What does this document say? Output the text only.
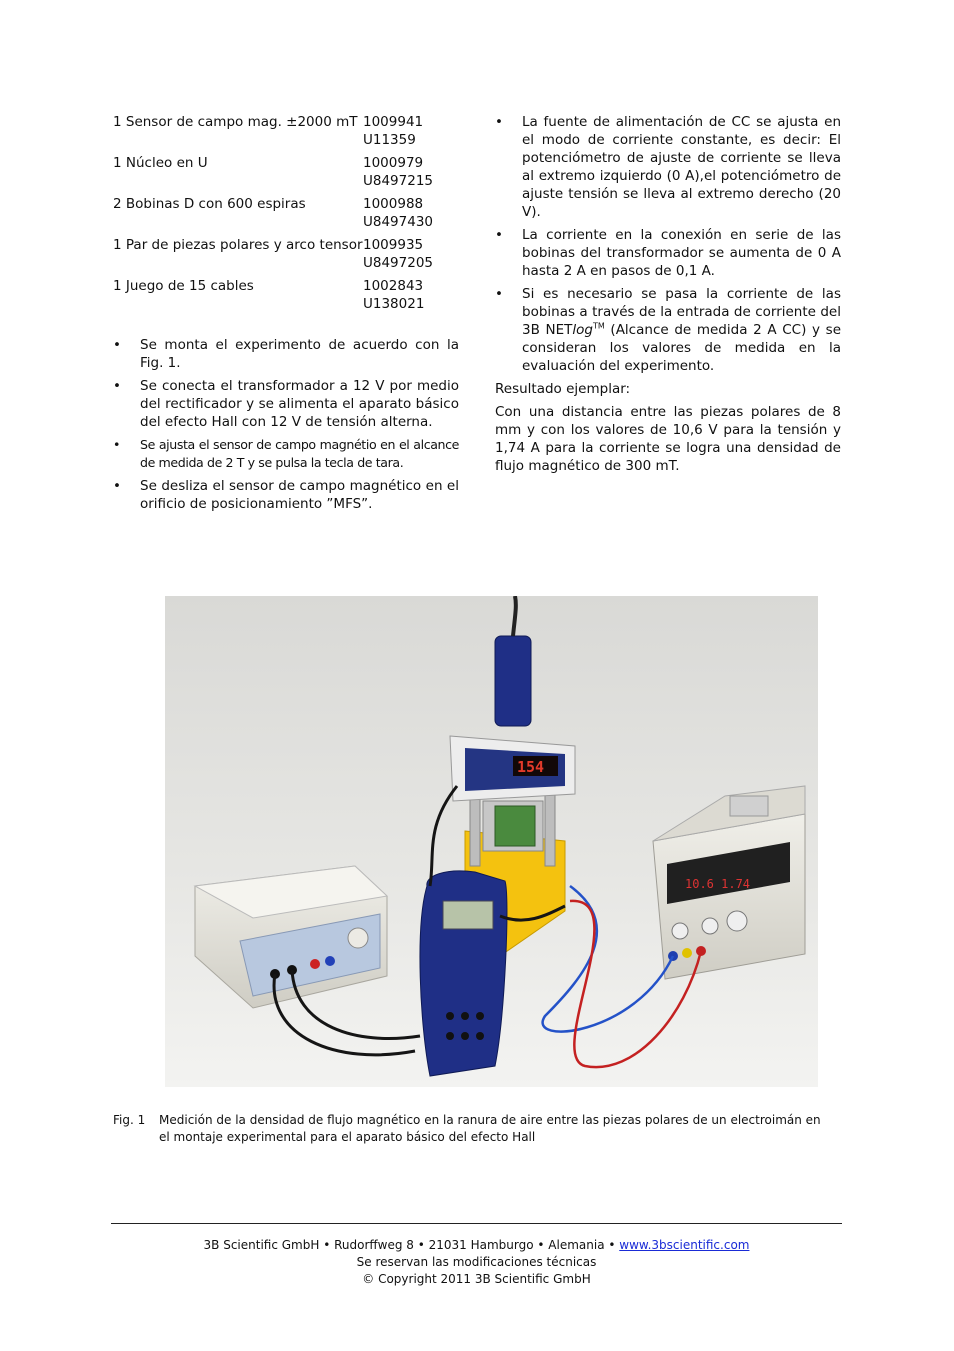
1 Sensor de campo mag. ±2000 mT 1009941
U11359
1 Núcleo en U	1000979
U8497215
2 Bobinas D con 600 espiras	1000988
U8497430
1 Par de piezas polares y arco tensor 1009935
U8497205
1 Juego de 15 cables	1002843
U138021
• Se monta el experimento de acuerdo con la Fig. 1.
• Se conecta el transformador a 12 V por medio del rectificador y se alimenta el aparato básico del efecto Hall con 12 V de tensión alterna.
• Se ajusta el sensor de campo magnétio en el alcance de medida de 2 T y se pulsa la tecla de tara.
• Se desliza el sensor de campo magnético en el orificio de posicionamiento ”MFS”.
• La fuente de alimentación de CC se ajusta en el modo de corriente constante, es decir: El potenciómetro de ajuste de corriente se lleva al extremo izquierdo (0 A),el potenciómetro de ajuste tensión se lleva al extremo derecho (20 V).
• La corriente en la conexión en serie de las bobinas del transformador se aumenta de 0 A hasta 2 A en pasos de 0,1 A.
• Si es necesario se pasa la corriente de las bobinas a través de la entrada de corriente del 3B NETlog™ (Alcance de medida 2 A CC) y se consideran los valores de medida en la evaluación del experimento.

Resultado ejemplar:

Con una distancia entre las piezas polares de 8 mm y con los valores de 10,6 V para la tensión y 1,74 A para la corriente se logra una densidad de flujo magnético de 300 mT.

10.6 1.74
154
Fig. 1	Medición de la densidad de flujo magnético en la ranura de aire entre las piezas polares de un electroimán en el montaje experimental para el aparato básico del efecto Hall
3B Scientific GmbH • Rudorffweg 8 • 21031 Hamburgo • Alemania • www.3bscientific.com
Se reservan las modificaciones técnicas
© Copyright 2011 3B Scientific GmbH
